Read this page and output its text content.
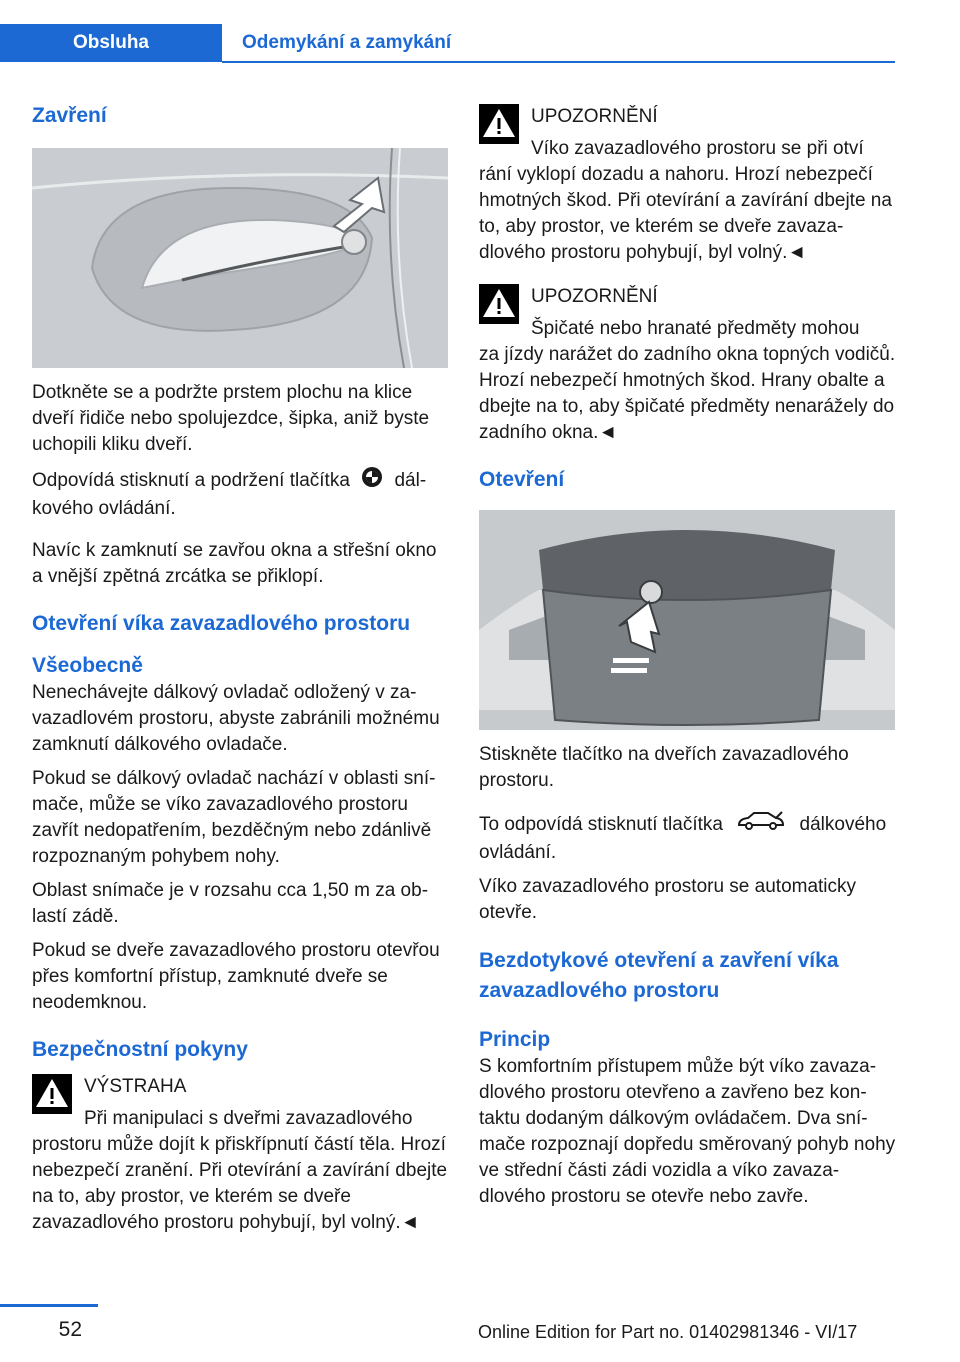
Obsluha	Odemykání a zamykání
Zavření

Dotkněte se a podržte prstem plochu na klice dveří řidiče nebo spolujezdce, šipka, aniž byste uchopili kliku dveří.

Odpovídá stisknutí a podržení tlačítka dálkového ovládání.

Navíc k zamknutí se zavřou okna a střešní okno a vnější zpětná zrcátka se přiklopí.

Otevření víka zavazadlového prostoru
Všeobecně

Nenechávejte dálkový ovladač odložený v zavazadlovém prostoru, abyste zabránili možnému zamknutí dálkového ovladače.

Pokud se dálkový ovladač nachází v oblasti snímače, může se víko zavazadlového prostoru zavřít nedopatřením, bezděčným nebo zdánlivě rozpoznaným pohybem nohy.

Oblast snímače je v rozsahu cca 1,50 m za oblastí zádě.

Pokud se dveře zavazadlového prostoru otevřou přes komfortní přístup, zamknuté dveře se neodemknou.

Bezpečnostní pokyny
VÝSTRAHA

Při manipulaci s dveřmi zavazadlového

prostoru může dojít k přiskřípnutí částí těla. Hrozí nebezpečí zranění. Při otevírání a zavírání dbejte na to, aby prostor, ve kterém se dveře zavazadlového prostoru pohybují, byl volný.◄

UPOZORNĚNÍ

Víko zavazadlového prostoru se při otví

rání vyklopí dozadu a nahoru. Hrozí nebezpečí hmotných škod. Při otevírání a zavírání dbejte na to, aby prostor, ve kterém se dveře zavazadlového prostoru pohybují, byl volný.◄

UPOZORNĚNÍ

Špičaté nebo hranaté předměty mohou

za jízdy narážet do zadního okna topných vodičů. Hrozí nebezpečí hmotných škod. Hrany obalte a dbejte na to, aby špičaté předměty nenarážely do zadního okna.◄

Otevření

Stiskněte tlačítko na dveřích zavazadlového prostoru.

To odpovídá stisknutí tlačítka	dálkového ovládání.

Víko zavazadlového prostoru se automaticky otevře.

Bezdotykové otevření a zavření víka zavazadlového prostoru
Princip

S komfortním přístupem může být víko zavazadlového prostoru otevřeno a zavřeno bez kontaktu dodaným dálkovým ovládačem. Dva snímače rozpoznají dopředu směrovaný pohyb nohy ve střední části zádi vozidla a víko zavazadlového prostoru se otevře nebo zavře.

52	Online Edition for Part no. 01402981346 - VI/17
